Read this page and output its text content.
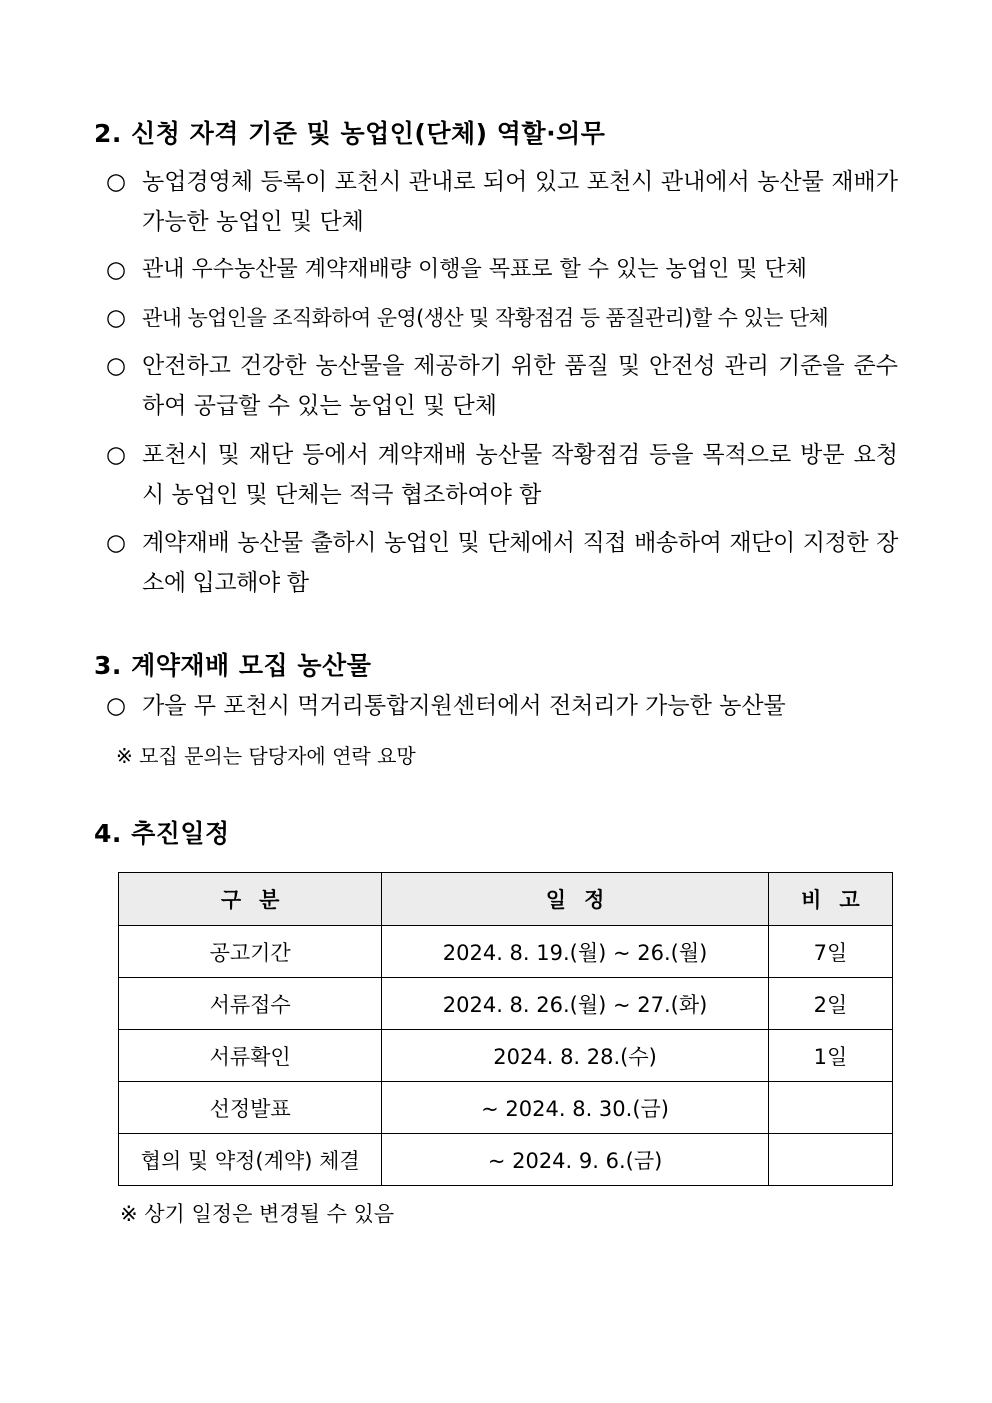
2. 신청 자격 기준 및 농업인(단체) 역할·의무
○ 농업경영체 등록이 포천시 관내로 되어 있고 포천시 관내에서 농산물 재배가 가능한 농업인 및 단체
○ 관내 우수농산물 계약재배량 이행을 목표로 할 수 있는 농업인 및 단체
○ 관내 농업인을 조직화하여 운영(생산 및 작황점검 등 품질관리)할 수 있는 단체
○ 안전하고 건강한 농산물을 제공하기 위한 품질 및 안전성 관리 기준을 준수하여 공급할 수 있는 농업인 및 단체
○ 포천시 및 재단 등에서 계약재배 농산물 작황점검 등을 목적으로 방문 요청 시 농업인 및 단체는 적극 협조하여야 함
○ 계약재배 농산물 출하시 농업인 및 단체에서 직접 배송하여 재단이 지정한 장소에 입고해야 함
3. 계약재배 모집 농산물
○ 가을 무 포천시 먹거리통합지원센터에서 전처리가 가능한 농산물
※ 모집 문의는 담당자에 연락 요망
4. 추진일정
구분	일정	비고
공고기간	2024. 8. 19.(월) ~ 26.(월)	7일
서류접수	2024. 8. 26.(월) ~ 27.(화)	2일
서류확인	2024. 8. 28.(수)	1일
선정발표	~ 2024. 8. 30.(금)	
협의 및 약정(계약) 체결	~ 2024. 9. 6.(금)	
※ 상기 일정은 변경될 수 있음
